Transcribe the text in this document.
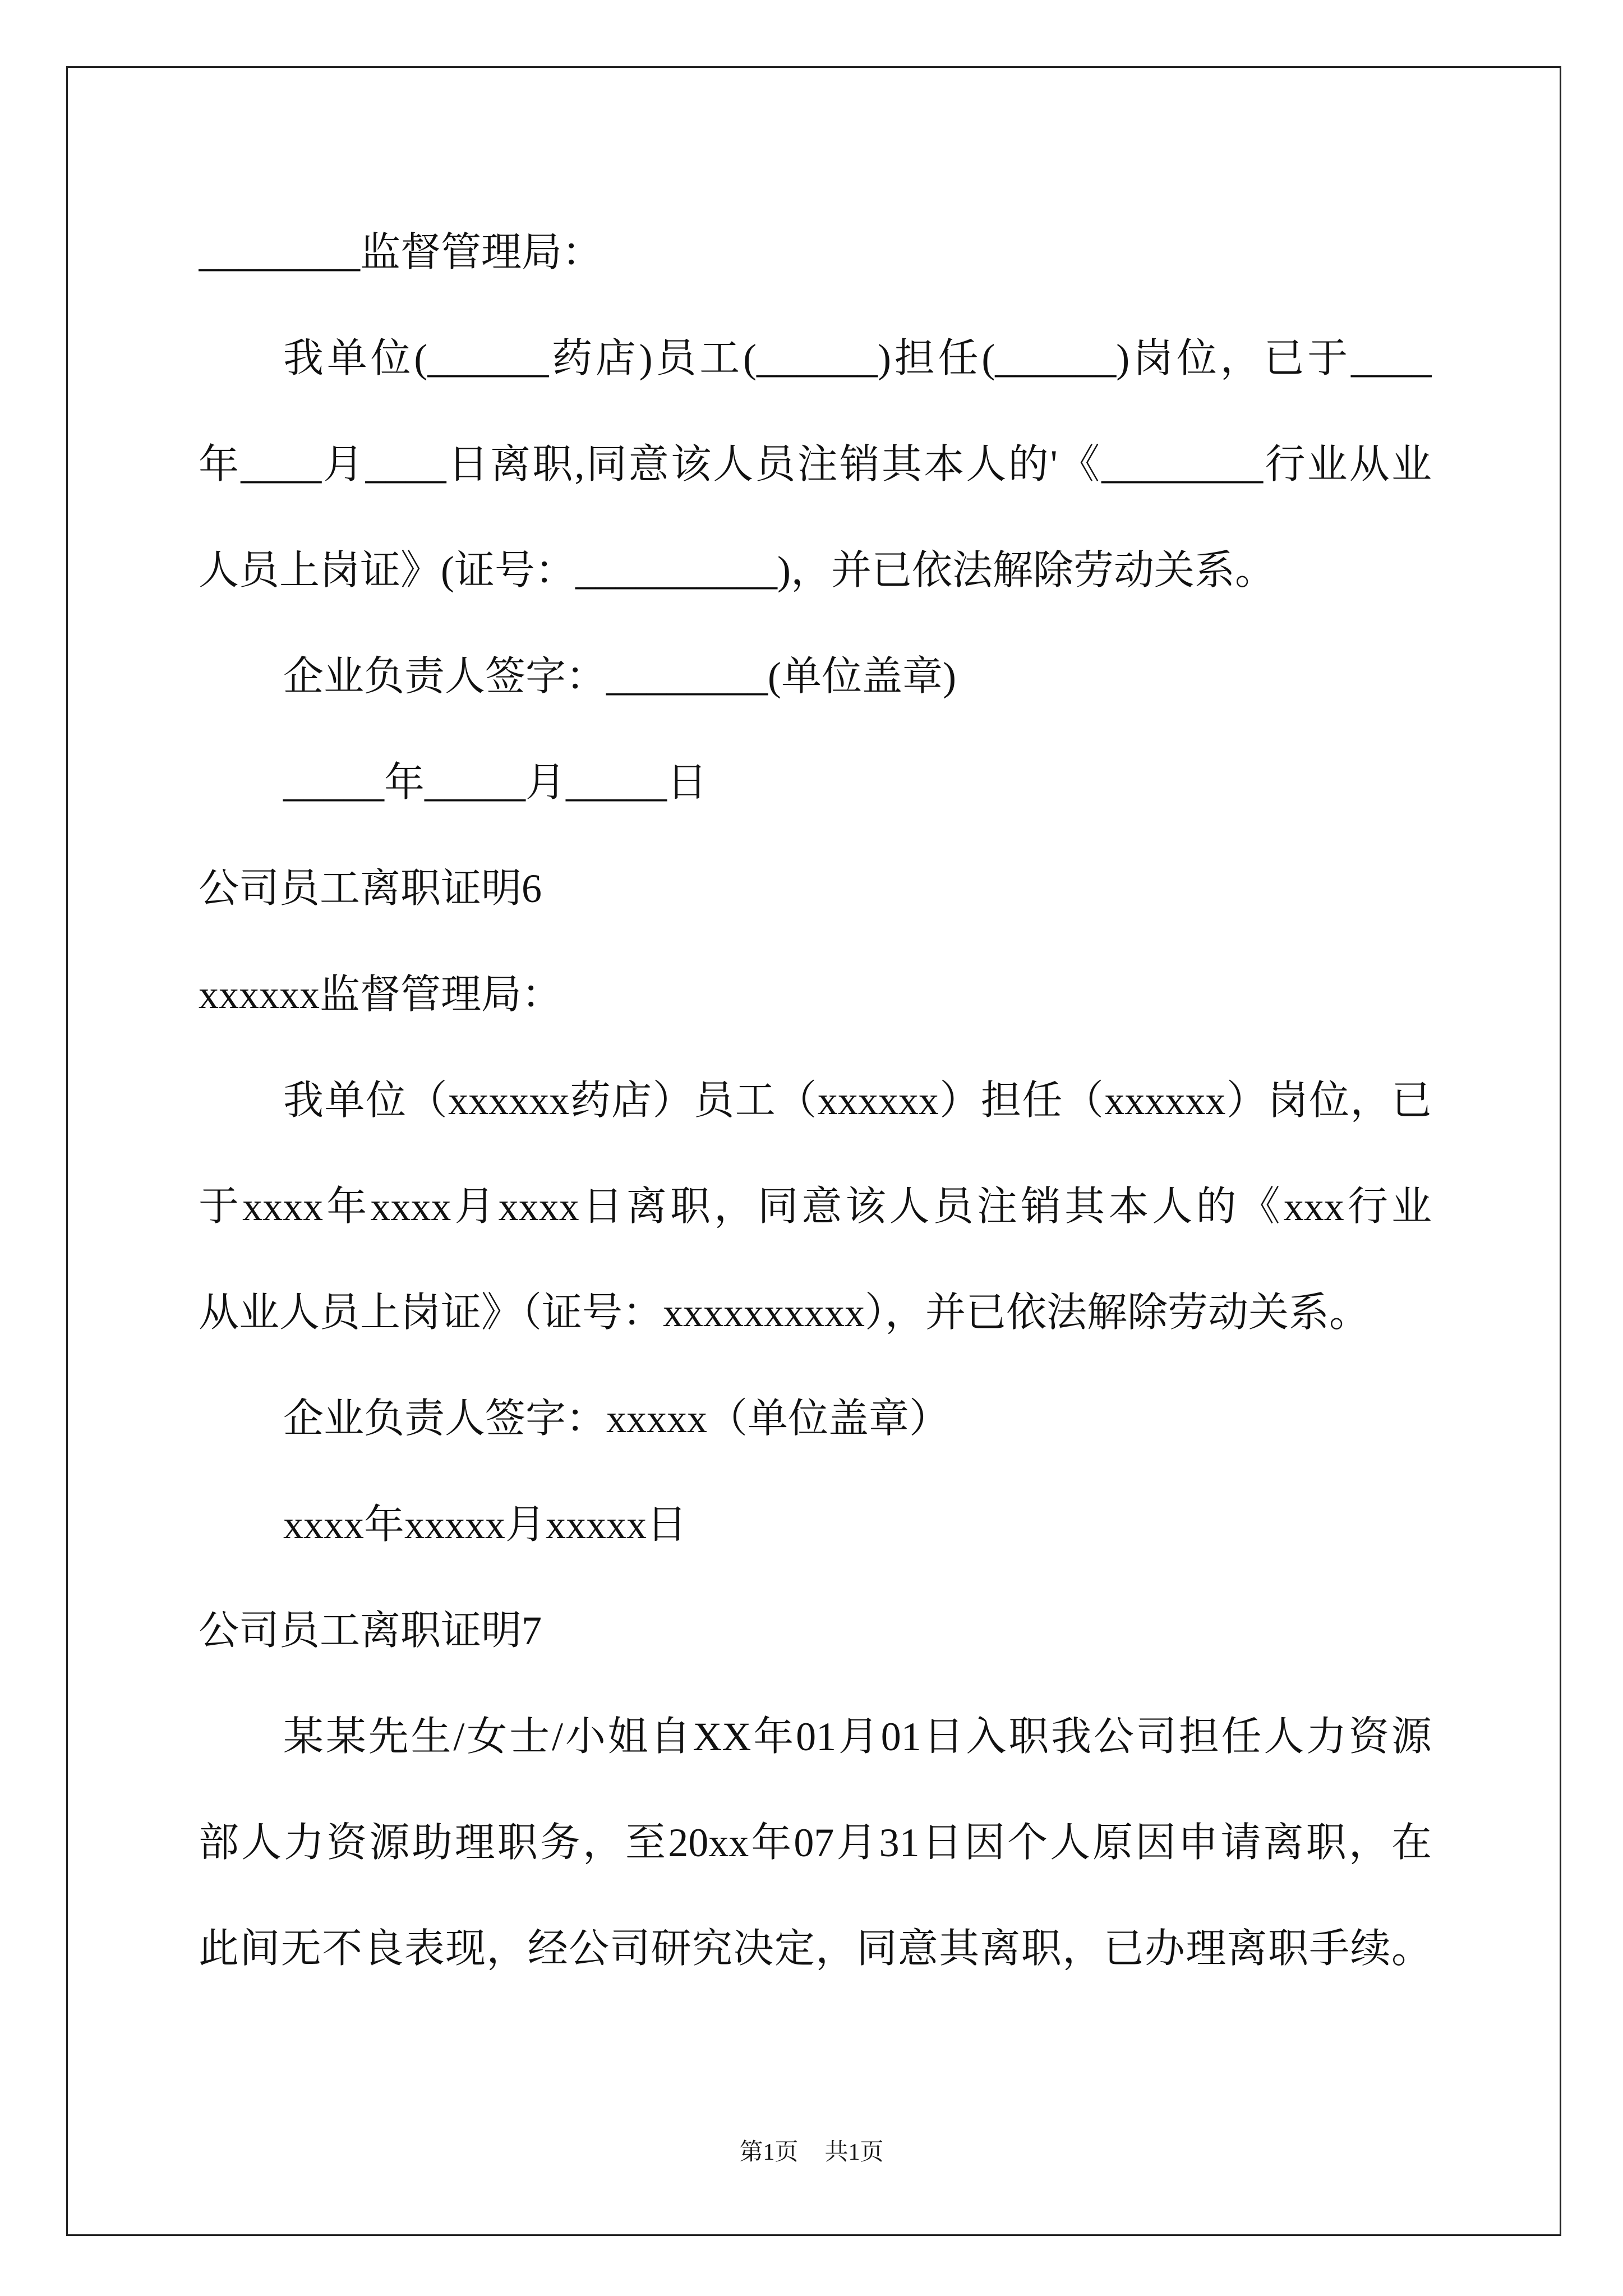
________监督管理局：
我单位(______药店)员工(______)担任(______)岗位，已于____
年____月____日离职,同意该人员注销其本人的'《________行业从业
人员上岗证》(证号：__________)，并已依法解除劳动关系。
企业负责人签字：________(单位盖章)
_____年_____月_____日
公司员工离职证明6
xxxxxx监督管理局：
我单位（xxxxxx药店）员工（xxxxxx）担任（xxxxxx）岗位，已
于xxxx年xxxx月xxxx日离职，同意该人员注销其本人的《xxx行业
从业人员上岗证》（证号：xxxxxxxxxx），并已依法解除劳动关系。
企业负责人签字：xxxxx（单位盖章）
xxxx年xxxxx月xxxxx日
公司员工离职证明7
某某先生/女士/小姐自XX年01月01日入职我公司担任人力资源
部人力资源助理职务，至20xx年07月31日因个人原因申请离职，在
此间无不良表现，经公司研究决定，同意其离职，已办理离职手续。
第1页 共1页
